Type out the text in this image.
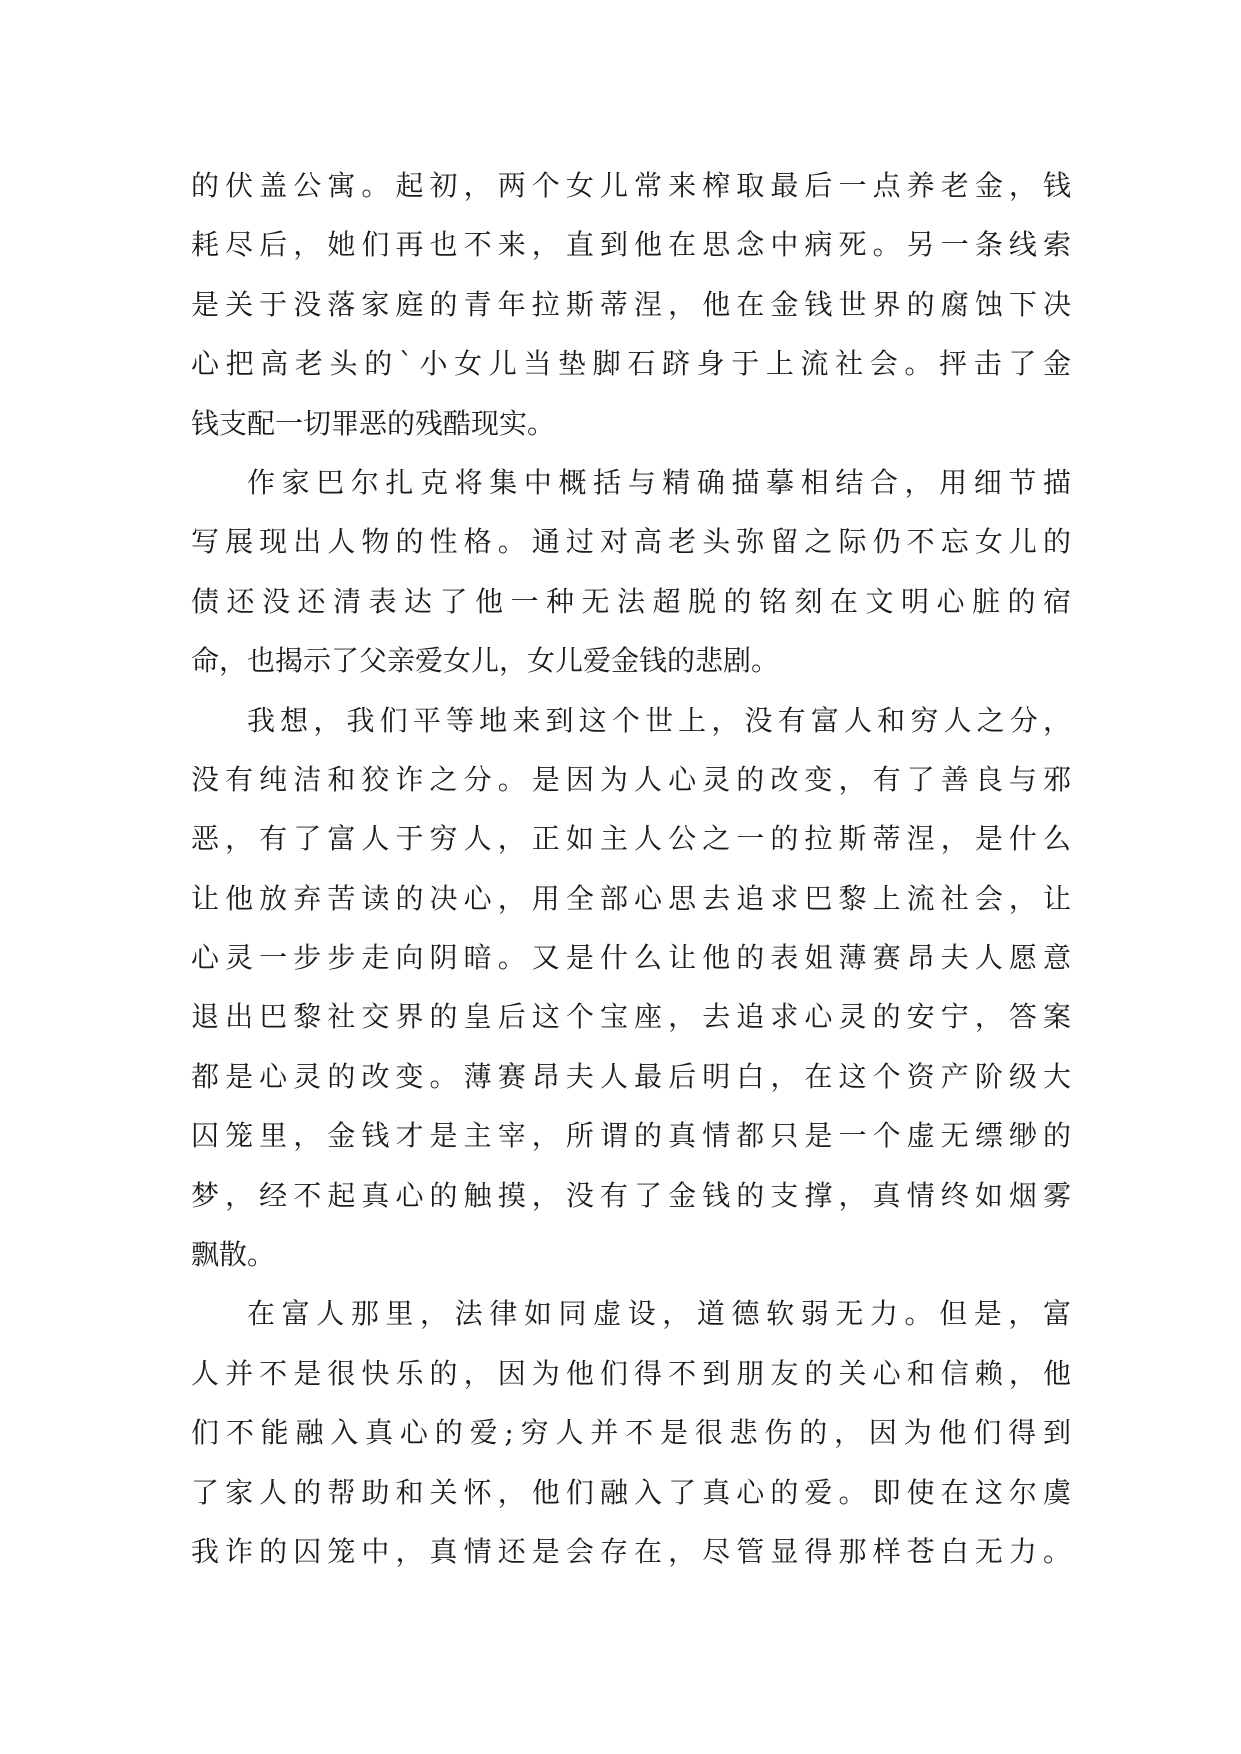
的伏盖公寓。起初，两个女儿常来榨取最后一点养老金，钱
耗尽后，她们再也不来，直到他在思念中病死。另一条线索
是关于没落家庭的青年拉斯蒂涅，他在金钱世界的腐蚀下决
心把高老头的`小女儿当垫脚石跻身于上流社会。抨击了金
钱支配一切罪恶的残酷现实。
作家巴尔扎克将集中概括与精确描摹相结合，用细节描
写展现出人物的性格。通过对高老头弥留之际仍不忘女儿的
债还没还清表达了他一种无法超脱的铭刻在文明心脏的宿
命，也揭示了父亲爱女儿，女儿爱金钱的悲剧。
我想，我们平等地来到这个世上，没有富人和穷人之分，
没有纯洁和狡诈之分。是因为人心灵的改变，有了善良与邪
恶，有了富人于穷人，正如主人公之一的拉斯蒂涅，是什么
让他放弃苦读的决心，用全部心思去追求巴黎上流社会，让
心灵一步步走向阴暗。又是什么让他的表姐薄赛昂夫人愿意
退出巴黎社交界的皇后这个宝座，去追求心灵的安宁，答案
都是心灵的改变。薄赛昂夫人最后明白，在这个资产阶级大
囚笼里，金钱才是主宰，所谓的真情都只是一个虚无缥缈的
梦，经不起真心的触摸，没有了金钱的支撑，真情终如烟雾
飘散。
在富人那里，法律如同虚设，道德软弱无力。但是，富
人并不是很快乐的，因为他们得不到朋友的关心和信赖，他
们不能融入真心的爱;穷人并不是很悲伤的，因为他们得到
了家人的帮助和关怀，他们融入了真心的爱。即使在这尔虞
我诈的囚笼中，真情还是会存在，尽管显得那样苍白无力。
